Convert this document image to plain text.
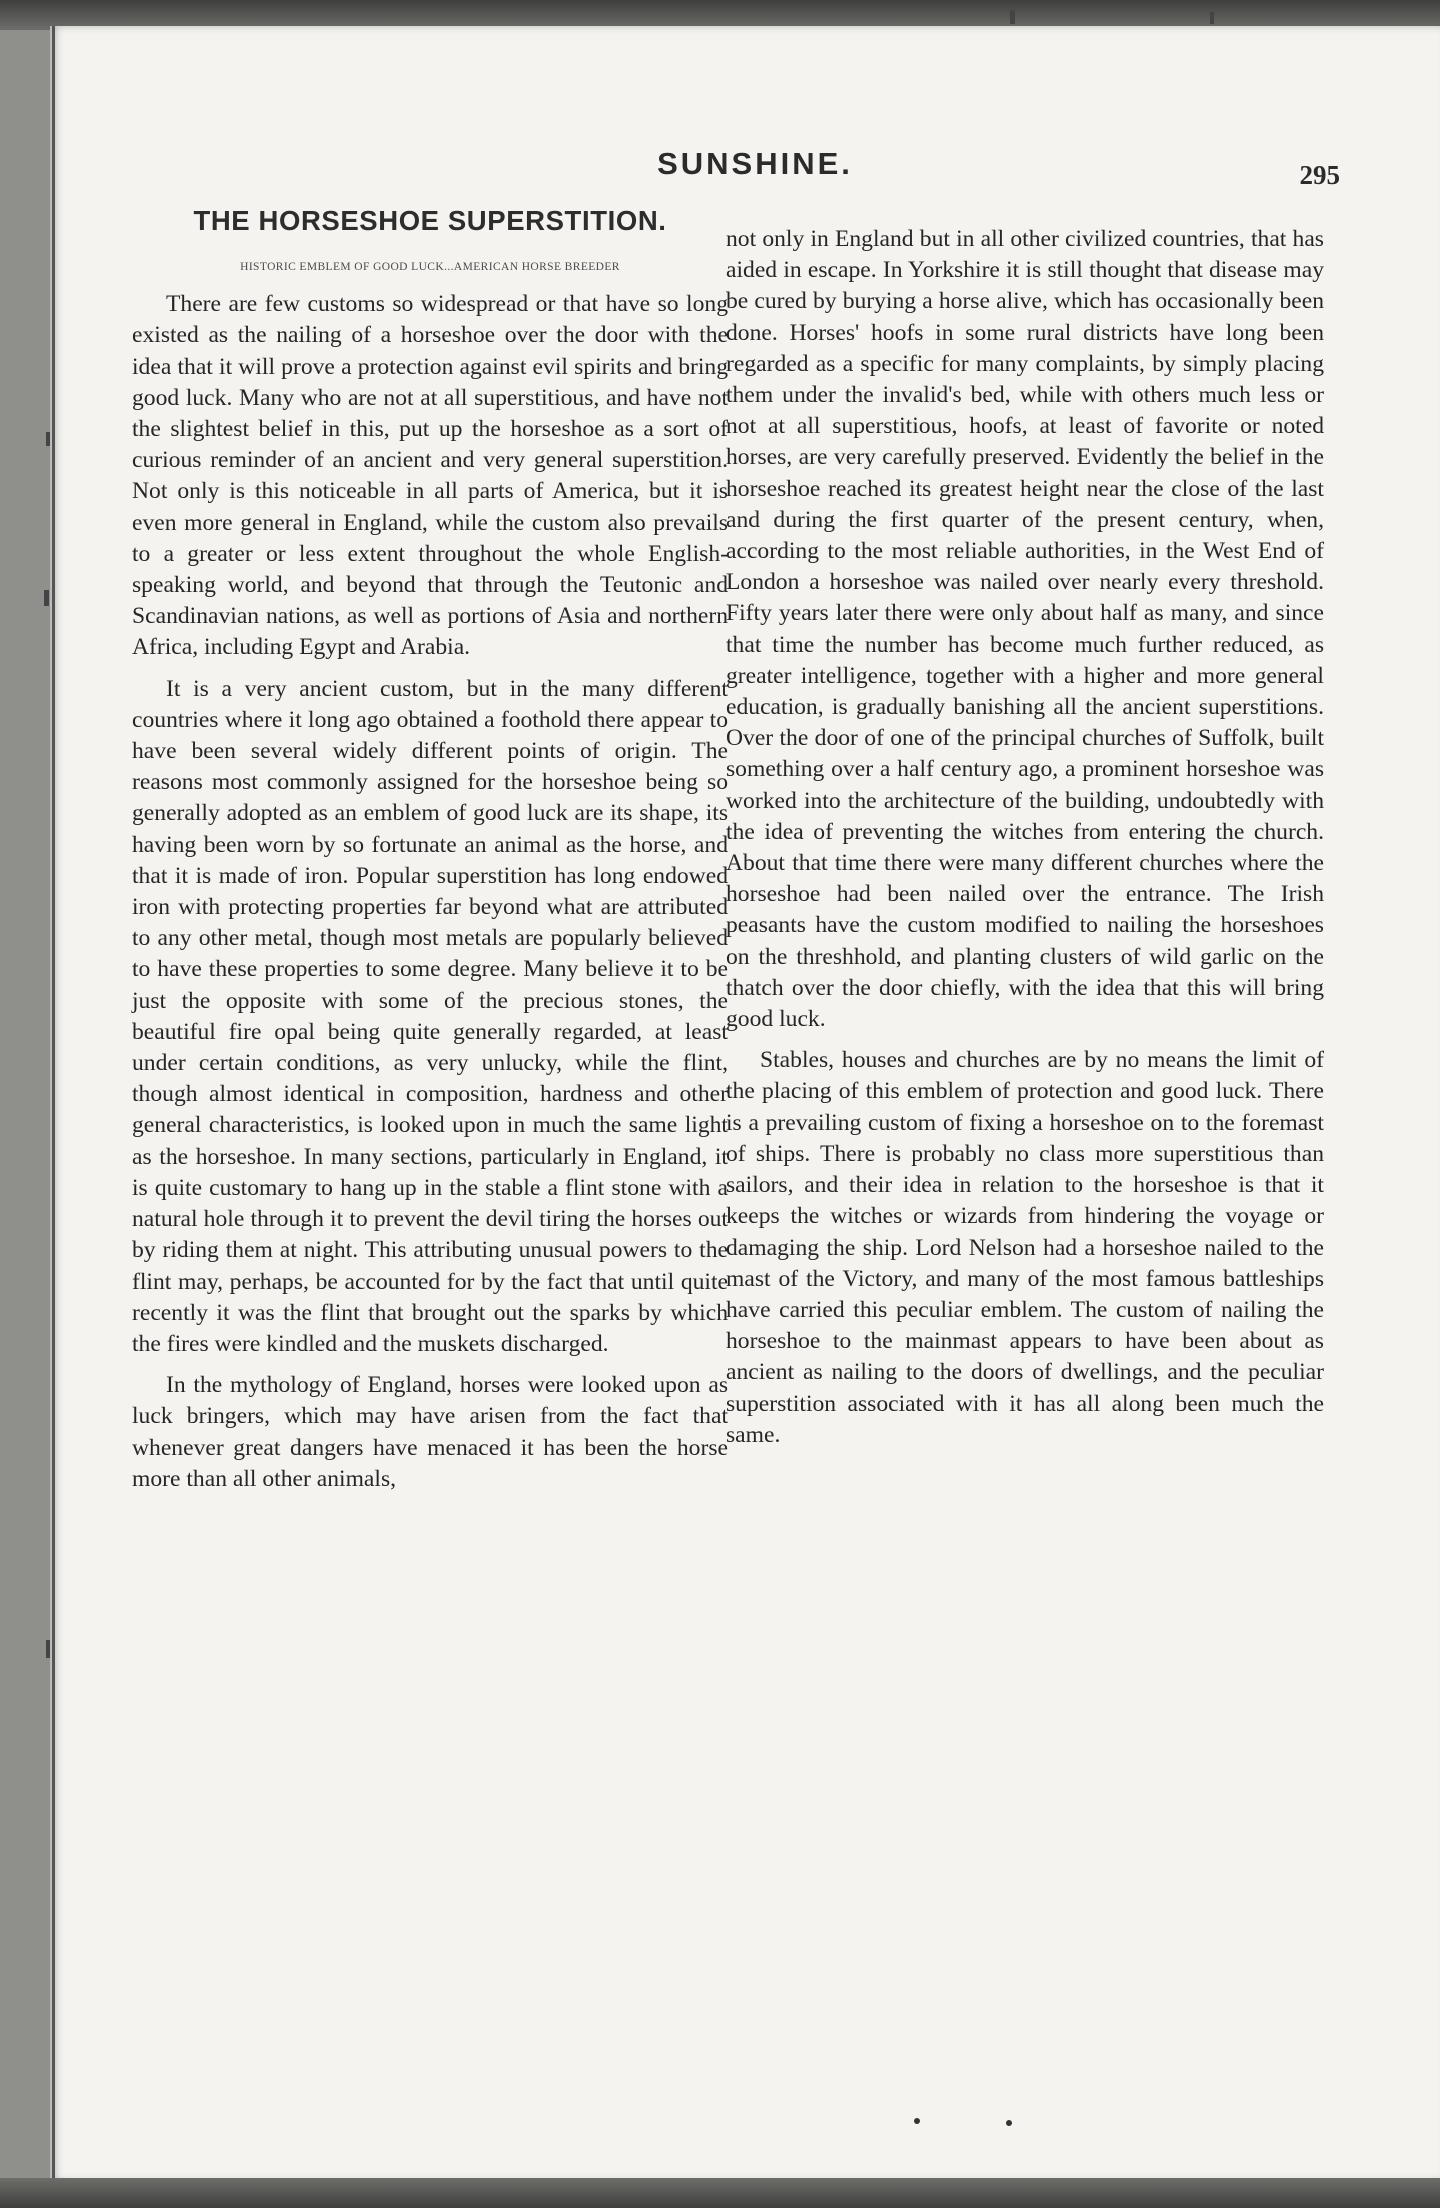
SUNSHINE.	295
THE HORSESHOE SUPERSTITION.
HISTORIC EMBLEM OF GOOD LUCK...AMERICAN HORSE BREEDER

There are few customs so widespread or that have so long existed as the nailing of a horseshoe over the door with the idea that it will prove a protection against evil spirits and bring good luck. Many who are not at all superstitious, and have not the slightest belief in this, put up the horseshoe as a sort of curious reminder of an ancient and very general superstition. Not only is this noticeable in all parts of America, but it is even more general in England, while the custom also prevails to a greater or less extent throughout the whole English-speaking world, and beyond that through the Teutonic and Scandinavian nations, as well as portions of Asia and northern Africa, including Egypt and Arabia.

It is a very ancient custom, but in the many different countries where it long ago obtained a foothold there appear to have been several widely different points of origin. The reasons most commonly assigned for the horseshoe being so generally adopted as an emblem of good luck are its shape, its having been worn by so fortunate an animal as the horse, and that it is made of iron. Popular superstition has long endowed iron with protecting properties far beyond what are attributed to any other metal, though most metals are popularly believed to have these properties to some degree. Many believe it to be just the opposite with some of the precious stones, the beautiful fire opal being quite generally regarded, at least under certain conditions, as very unlucky, while the flint, though almost identical in composition, hardness and other general characteristics, is looked upon in much the same light as the horseshoe. In many sections, particularly in England, it is quite customary to hang up in the stable a flint stone with a natural hole through it to prevent the devil tiring the horses out by riding them at night. This attributing unusual powers to the flint may, perhaps, be accounted for by the fact that until quite recently it was the flint that brought out the sparks by which the fires were kindled and the muskets discharged.

In the mythology of England, horses were looked upon as luck bringers, which may have arisen from the fact that whenever great dangers have menaced it has been the horse more than all other animals,

not only in England but in all other civilized countries, that has aided in escape. In Yorkshire it is still thought that disease may be cured by burying a horse alive, which has occasionally been done. Horses' hoofs in some rural districts have long been regarded as a specific for many complaints, by simply placing them under the invalid's bed, while with others much less or not at all superstitious, hoofs, at least of favorite or noted horses, are very carefully preserved. Evidently the belief in the horseshoe reached its greatest height near the close of the last and during the first quarter of the present century, when, according to the most reliable authorities, in the West End of London a horseshoe was nailed over nearly every threshold. Fifty years later there were only about half as many, and since that time the number has become much further reduced, as greater intelligence, together with a higher and more general education, is gradually banishing all the ancient superstitions. Over the door of one of the principal churches of Suffolk, built something over a half century ago, a prominent horseshoe was worked into the architecture of the building, undoubtedly with the idea of preventing the witches from entering the church. About that time there were many different churches where the horseshoe had been nailed over the entrance. The Irish peasants have the custom modified to nailing the horseshoes on the threshhold, and planting clusters of wild garlic on the thatch over the door chiefly, with the idea that this will bring good luck.

Stables, houses and churches are by no means the limit of the placing of this emblem of protection and good luck. There is a prevailing custom of fixing a horseshoe on to the foremast of ships. There is probably no class more superstitious than sailors, and their idea in relation to the horseshoe is that it keeps the witches or wizards from hindering the voyage or damaging the ship. Lord Nelson had a horseshoe nailed to the mast of the Victory, and many of the most famous battleships have carried this peculiar emblem. The custom of nailing the horseshoe to the mainmast appears to have been about as ancient as nailing to the doors of dwellings, and the peculiar superstition associated with it has all along been much the same.
